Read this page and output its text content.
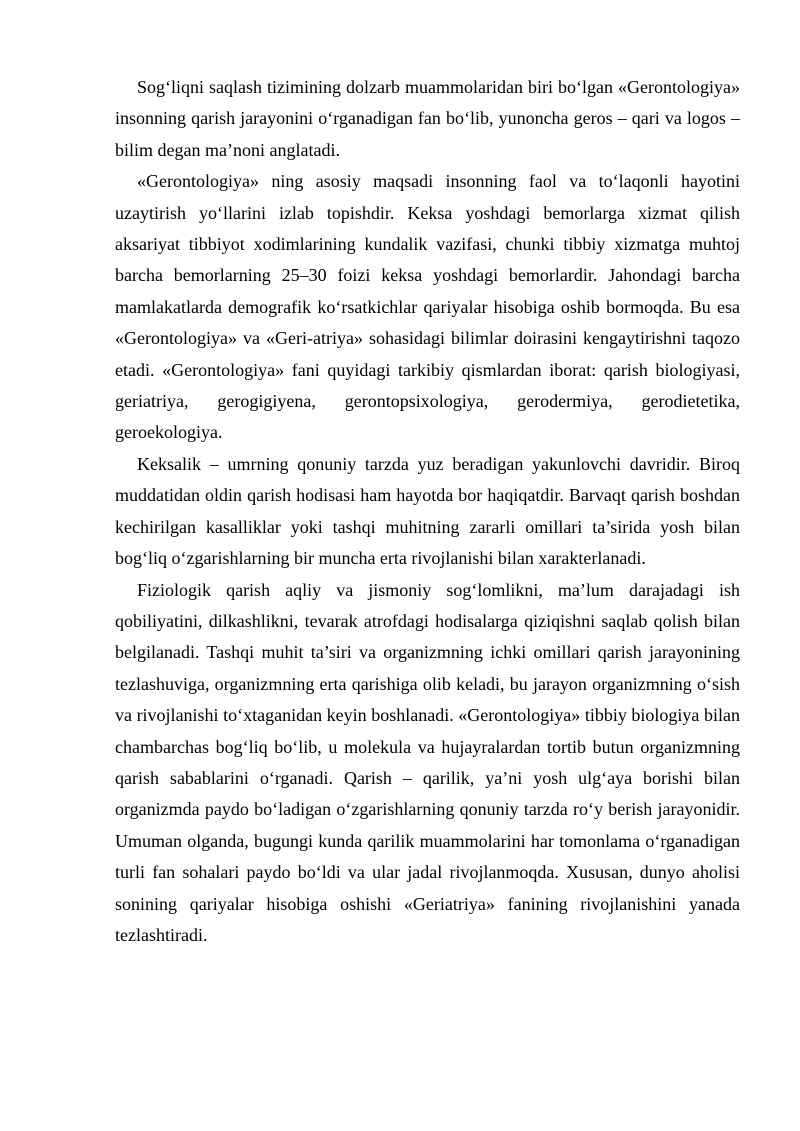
Sog‘liqni saqlash tizimining dolzarb muammolaridan biri bo‘lgan «Gerontologiya» insonning qarish jarayonini o‘rganadigan fan bo‘lib, yunoncha geros – qari va logos – bilim degan ma’noni anglatadi.

«Gerontologiya» ning asosiy maqsadi insonning faol va to‘laqonli hayotini uzaytirish yo‘llarini izlab topishdir. Keksa yoshdagi bemorlarga xizmat qilish aksariyat tibbiyot xodimlarining kundalik vazifasi, chunki tibbiy xizmatga muhtoj barcha bemorlarning 25–30 foizi keksa yoshdagi bemorlardir. Jahondagi barcha mamlakatlarda demografik ko‘rsatkichlar qariyalar hisobiga oshib bormoqda. Bu esa «Gerontologiya» va «Geri-atriya» sohasidagi bilimlar doirasini kengaytirishni taqozo etadi. «Gerontologiya» fani quyidagi tarkibiy qismlardan iborat: qarish biologiyasi, geriatriya, gerogigiyena, gerontopsixologiya, gerodermiya, gerodietetika, geroekologiya.

Keksalik – umrning qonuniy tarzda yuz beradigan yakunlovchi davridir. Biroq muddatidan oldin qarish hodisasi ham hayotda bor haqiqatdir. Barvaqt qarish boshdan kechirilgan kasalliklar yoki tashqi muhitning zararli omillari ta’sirida yosh bilan bog‘liq o‘zgarishlarning bir muncha erta rivojlanishi bilan xarakterlanadi.

Fiziologik qarish aqliy va jismoniy sog‘lomlikni, ma’lum darajadagi ish qobiliyatini, dilkashlikni, tevarak atrofdagi hodisalarga qiziqishni saqlab qolish bilan belgilanadi. Tashqi muhit ta’siri va organizmning ichki omillari qarish jarayonining tezlashuviga, organizmning erta qarishiga olib keladi, bu jarayon organizmning o‘sish va rivojlanishi to‘xtaganidan keyin boshlanadi. «Gerontologiya» tibbiy biologiya bilan chambarchas bog‘liq bo‘lib, u molekula va hujayralardan tortib butun organizmning qarish sabablarini o‘rganadi. Qarish – qarilik, ya’ni yosh ulg‘aya borishi bilan organizmda paydo bo‘ladigan o‘zgarishlarning qonuniy tarzda ro‘y berish jarayonidir. Umuman olganda, bugungi kunda qarilik muammolarini har tomonlama o‘rganadigan turli fan sohalari paydo bo‘ldi va ular jadal rivojlanmoqda. Xususan, dunyo aholisi sonining qariyalar hisobiga oshishi «Geriatriya» fanining rivojlanishini yanada tezlashtiradi.
